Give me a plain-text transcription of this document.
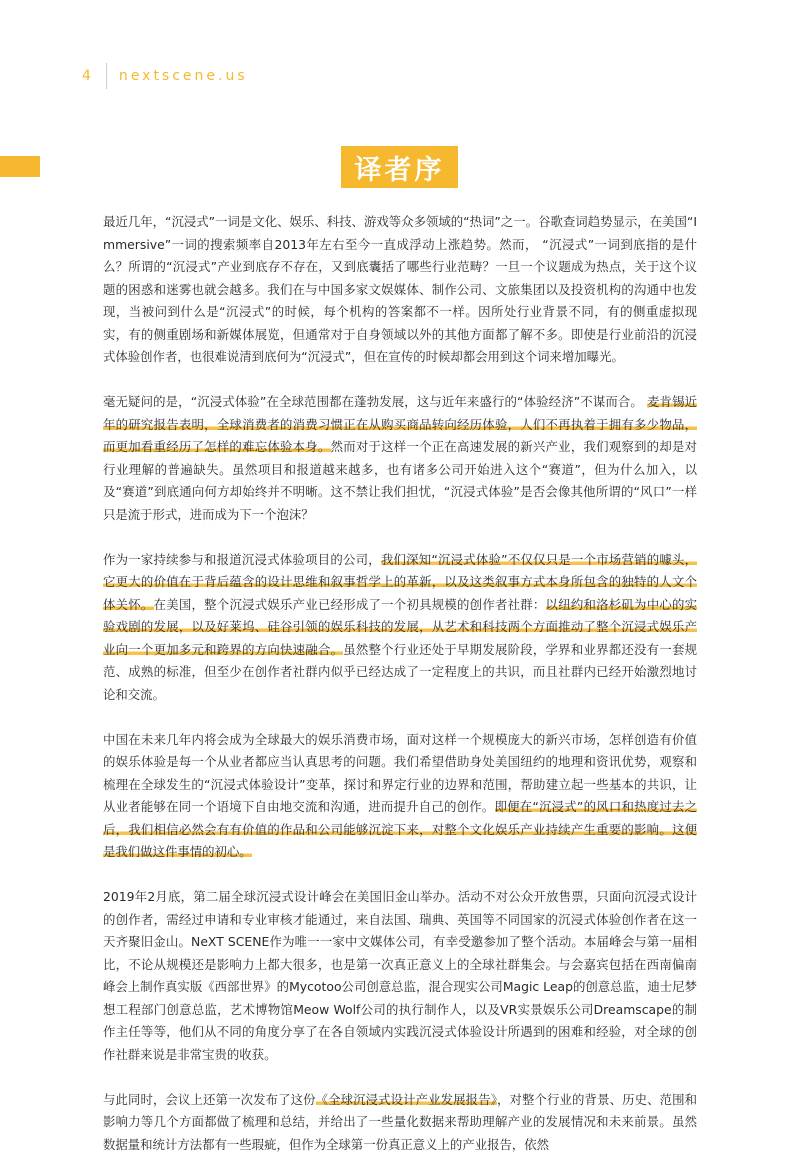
4 nextscene.us
译者序

最近几年，“沉浸式”一词是文化、娱乐、科技、游戏等众多领域的“热词”之一。谷歌查词趋势显示，在美国“Immersive”一词的搜索频率自2013年左右至今一直成浮动上涨趋势。然而， “沉浸式”一词到底指的是什么？所谓的“沉浸式”产业到底存不存在，又到底囊括了哪些行业范畴？一旦一个议题成为热点，关于这个议题的困惑和迷雾也就会越多。我们在与中国多家文娱媒体、制作公司、文旅集团以及投资机构的沟通中也发现，当被问到什么是“沉浸式”的时候，每个机构的答案都不一样。因所处行业背景不同，有的侧重虚拟现实，有的侧重剧场和新媒体展览，但通常对于自身领域以外的其他方面都了解不多。即使是行业前沿的沉浸式体验创作者，也很难说清到底何为“沉浸式”，但在宣传的时候却都会用到这个词来增加曝光。

毫无疑问的是，“沉浸式体验”在全球范围都在蓬勃发展，这与近年来盛行的“体验经济”不谋而合。 麦肯锡近年的研究报告表明，全球消费者的消费习惯正在从购买商品转向经历体验，人们不再执着于拥有多少物品，而更加看重经历了怎样的难忘体验本身。然而对于这样一个正在高速发展的新兴产业，我们观察到的却是对行业理解的普遍缺失。虽然项目和报道越来越多，也有诸多公司开始进入这个“赛道”，但为什么加入，以及“赛道”到底通向何方却始终并不明晰。这不禁让我们担忧，“沉浸式体验”是否会像其他所谓的“风口”一样只是流于形式，进而成为下一个泡沫？

作为一家持续参与和报道沉浸式体验项目的公司，我们深知“沉浸式体验”不仅仅只是一个市场营销的噱头，它更大的价值在于背后蕴含的设计思维和叙事哲学上的革新，以及这类叙事方式本身所包含的独特的人文个体关怀。在美国，整个沉浸式娱乐产业已经形成了一个初具规模的创作者社群：以纽约和洛杉矶为中心的实验戏剧的发展，以及好莱坞、硅谷引领的娱乐科技的发展，从艺术和科技两个方面推动了整个沉浸式娱乐产业向一个更加多元和跨界的方向快速融合。虽然整个行业还处于早期发展阶段，学界和业界都还没有一套规范、成熟的标准，但至少在创作者社群内似乎已经达成了一定程度上的共识，而且社群内已经开始激烈地讨论和交流。

中国在未来几年内将会成为全球最大的娱乐消费市场，面对这样一个规模庞大的新兴市场，怎样创造有价值的娱乐体验是每一个从业者都应当认真思考的问题。我们希望借助身处美国纽约的地理和资讯优势，观察和梳理在全球发生的“沉浸式体验设计”变革，探讨和界定行业的边界和范围，帮助建立起一些基本的共识，让从业者能够在同一个语境下自由地交流和沟通，进而提升自己的创作。即便在“沉浸式”的风口和热度过去之后，我们相信必然会有有价值的作品和公司能够沉淀下来，对整个文化娱乐产业持续产生重要的影响。这便是我们做这件事情的初心。

2019年2月底，第二届全球沉浸式设计峰会在美国旧金山举办。活动不对公众开放售票，只面向沉浸式设计的创作者，需经过申请和专业审核才能通过，来自法国、瑞典、英国等不同国家的沉浸式体验创作者在这一天齐聚旧金山。NeXT SCENE作为唯一一家中文媒体公司，有幸受邀参加了整个活动。本届峰会与第一届相比，不论从规模还是影响力上都大很多，也是第一次真正意义上的全球社群集会。与会嘉宾包括在西南偏南峰会上制作真实版《西部世界》的Mycotoo公司创意总监，混合现实公司Magic Leap的创意总监，迪士尼梦想工程部门创意总监，艺术博物馆Meow Wolf公司的执行制作人，以及VR实景娱乐公司Dreamscape的制作主任等等，他们从不同的角度分享了在各自领域内实践沉浸式体验设计所遇到的困难和经验，对全球的创作社群来说是非常宝贵的收获。

与此同时，会议上还第一次发布了这份《全球沉浸式设计产业发展报告》，对整个行业的背景、历史、范围和影响力等几个方面都做了梳理和总结，并给出了一些量化数据来帮助理解产业的发展情况和未来前景。虽然数据量和统计方法都有一些瑕疵，但作为全球第一份真正意义上的产业报告，依然
